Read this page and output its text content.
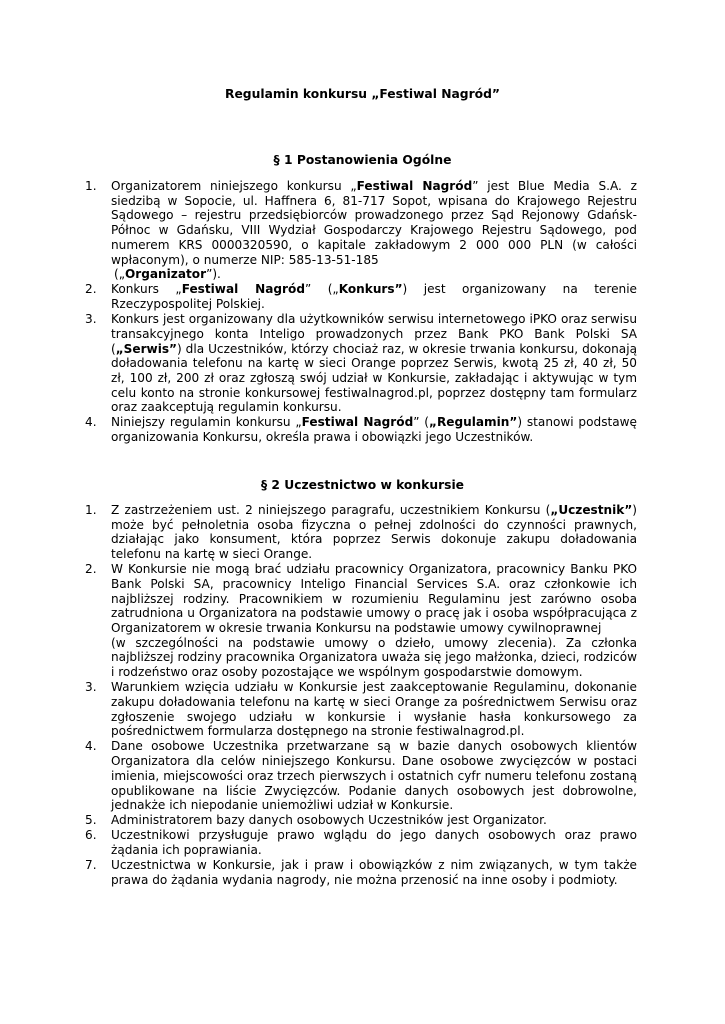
Regulamin konkursu „Festiwal Nagród”
§ 1 Postanowienia Ogólne
1. Organizatorem niniejszego konkursu „Festiwal Nagród” jest Blue Media S.A. z siedzibą w Sopocie, ul. Haffnera 6, 81-717 Sopot, wpisana do Krajowego Rejestru Sądowego – rejestru przedsiębiorców prowadzonego przez Sąd Rejonowy Gdańsk-Północ w Gdańsku, VIII Wydział Gospodarczy Krajowego Rejestru Sądowego, pod numerem KRS 0000320590, o kapitale zakładowym 2 000 000 PLN (w całości wpłaconym), o numerze NIP: 585-13-51-185
(„Organizator”).
2. Konkurs „Festiwal Nagród” („Konkurs”) jest organizowany na terenie Rzeczypospolitej Polskiej.
3. Konkurs jest organizowany dla użytkowników serwisu internetowego iPKO oraz serwisu transakcyjnego konta Inteligo prowadzonych przez Bank PKO Bank Polski SA („Serwis”) dla Uczestników, którzy chociaż raz, w okresie trwania konkursu, dokonają doładowania telefonu na kartę w sieci Orange poprzez Serwis, kwotą 25 zł, 40 zł, 50 zł, 100 zł, 200 zł oraz zgłoszą swój udział w Konkursie, zakładając i aktywując w tym celu konto na stronie konkursowej festiwalnagrod.pl, poprzez dostępny tam formularz oraz zaakceptują regulamin konkursu.
4. Niniejszy regulamin konkursu „Festiwal Nagród” („Regulamin”) stanowi podstawę organizowania Konkursu, określa prawa i obowiązki jego Uczestników.
§ 2 Uczestnictwo w konkursie
1. Z zastrzeżeniem ust. 2 niniejszego paragrafu, uczestnikiem Konkursu („Uczestnik”) może być pełnoletnia osoba fizyczna o pełnej zdolności do czynności prawnych, działając jako konsument, która poprzez Serwis dokonuje zakupu doładowania telefonu na kartę w sieci Orange.
2. W Konkursie nie mogą brać udziału pracownicy Organizatora, pracownicy Banku PKO Bank Polski SA, pracownicy Inteligo Financial Services S.A. oraz członkowie ich najbliższej rodziny. Pracownikiem w rozumieniu Regulaminu jest zarówno osoba zatrudniona u Organizatora na podstawie umowy o pracę jak i osoba współpracująca z Organizatorem w okresie trwania Konkursu na podstawie umowy cywilnoprawnej
(w szczególności na podstawie umowy o dzieło, umowy zlecenia). Za członka najbliższej rodziny pracownika Organizatora uważa się jego małżonka, dzieci, rodziców i rodzeństwo oraz osoby pozostające we wspólnym gospodarstwie domowym.
3. Warunkiem wzięcia udziału w Konkursie jest zaakceptowanie Regulaminu, dokonanie zakupu doładowania telefonu na kartę w sieci Orange za pośrednictwem Serwisu oraz zgłoszenie swojego udziału w konkursie i wysłanie hasła konkursowego za pośrednictwem formularza dostępnego na stronie festiwalnagrod.pl.
4. Dane osobowe Uczestnika przetwarzane są w bazie danych osobowych klientów Organizatora dla celów niniejszego Konkursu. Dane osobowe zwycięzców w postaci imienia, miejscowości oraz trzech pierwszych i ostatnich cyfr numeru telefonu zostaną opublikowane na liście Zwycięzców. Podanie danych osobowych jest dobrowolne, jednakże ich niepodanie uniemożliwi udział w Konkursie.
5. Administratorem bazy danych osobowych Uczestników jest Organizator.
6. Uczestnikowi przysługuje prawo wglądu do jego danych osobowych oraz prawo żądania ich poprawiania.
7. Uczestnictwa w Konkursie, jak i praw i obowiązków z nim związanych, w tym także prawa do żądania wydania nagrody, nie można przenosić na inne osoby i podmioty.
